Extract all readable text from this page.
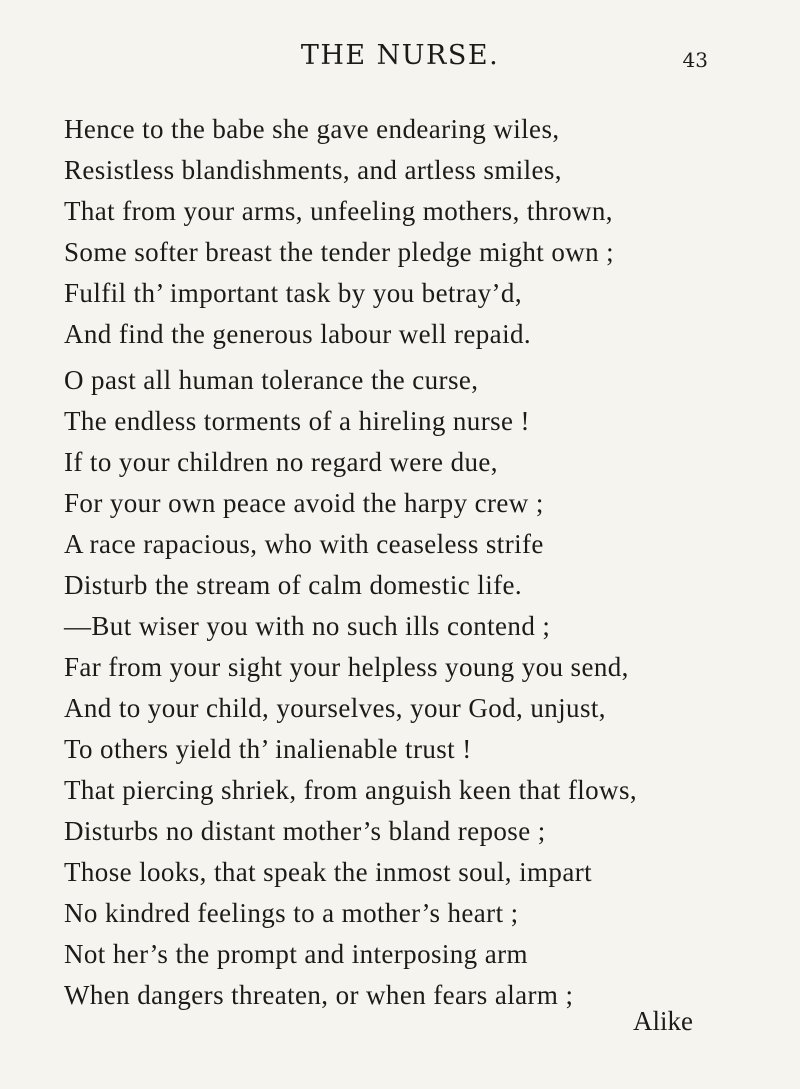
THE NURSE.	43
Hence to the babe she gave endearing wiles,
Resistless blandishments, and artless smiles,
That from your arms, unfeeling mothers, thrown,
Some softer breast the tender pledge might own ;
Fulfil th’ important task by you betray’d,
And find the generous labour well repaid.
O past all human tolerance the curse,
The endless torments of a hireling nurse !
If to your children no regard were due,
For your own peace avoid the harpy crew ;
A race rapacious, who with ceaseless strife
Disturb the stream of calm domestic life.
—But wiser you with no such ills contend ;
Far from your sight your helpless young you send,
And to your child, yourselves, your God, unjust,
To others yield th’ inalienable trust !
That piercing shriek, from anguish keen that flows,
Disturbs no distant mother’s bland repose ;
Those looks, that speak the inmost soul, impart
No kindred feelings to a mother’s heart ;
Not her’s the prompt and interposing arm
When dangers threaten, or when fears alarm ;
Alike
